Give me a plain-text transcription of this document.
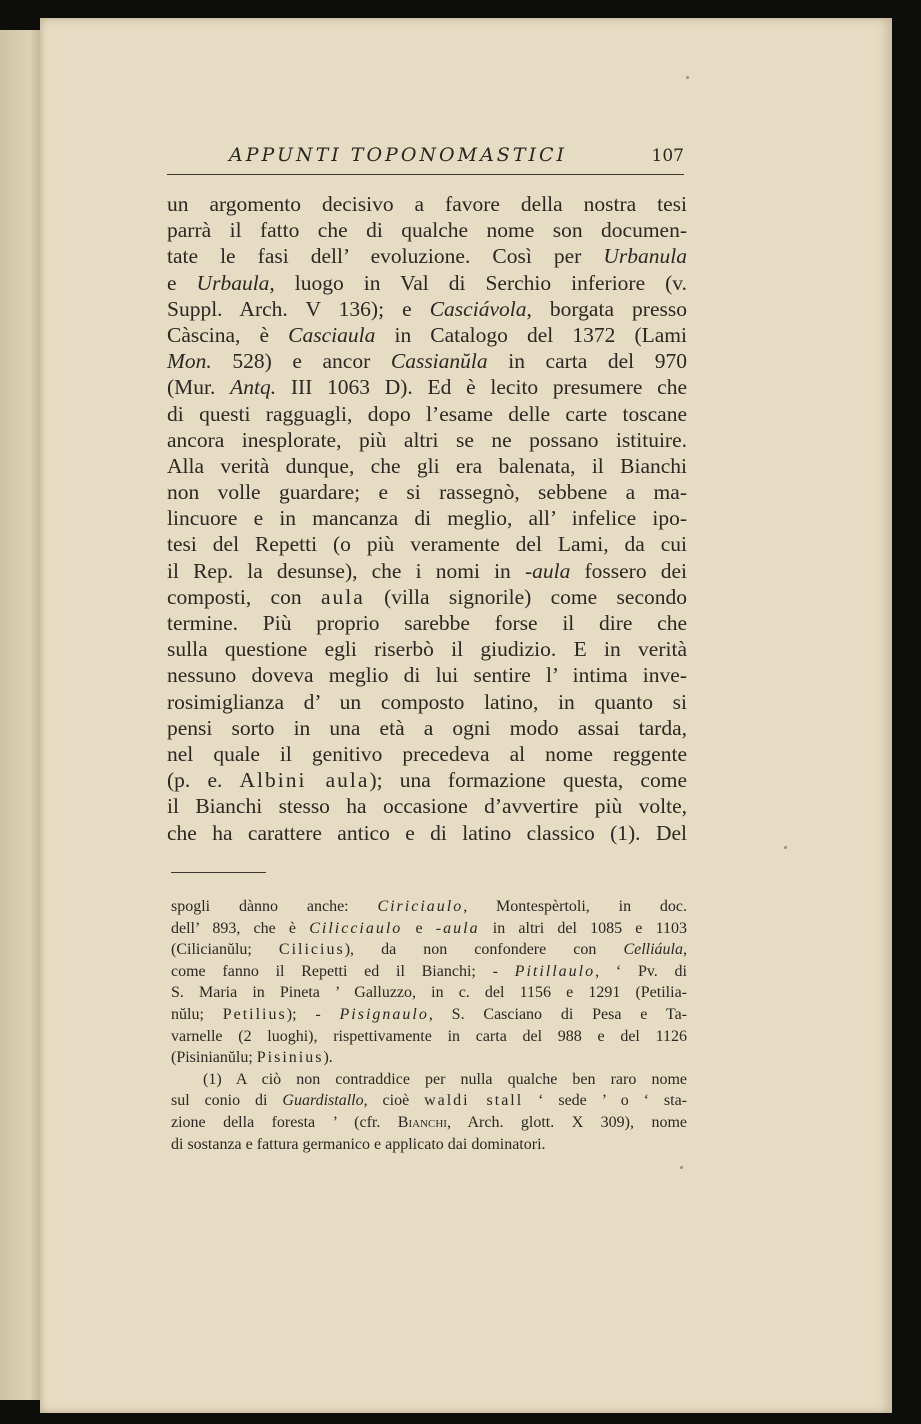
APPUNTI TOPONOMASTICI	107
un argomento decisivo a favore della nostra tesi
parrà il fatto che di qualche nome son documen-
tate le fasi dell’ evoluzione. Così per Urbanula
e Urbaula, luogo in Val di Serchio inferiore (v.
Suppl. Arch. V 136); e Casciávola, borgata presso
Càscina, è Casciaula in Catalogo del 1372 (Lami
Mon. 528) e ancor Cassianŭla in carta del 970
(Mur. Antq. III 1063 D). Ed è lecito presumere che
di questi ragguagli, dopo l’esame delle carte toscane
ancora inesplorate, più altri se ne possano istituire.
Alla verità dunque, che gli era balenata, il Bianchi
non volle guardare; e si rassegnò, sebbene a ma-
lincuore e in mancanza di meglio, all’ infelice ipo-
tesi del Repetti (o più veramente del Lami, da cui
il Rep. la desunse), che i nomi in -aula fossero dei
composti, con aula (villa signorile) come secondo
termine. Più proprio sarebbe forse il dire che
sulla questione egli riserbò il giudizio. E in verità
nessuno doveva meglio di lui sentire l’ intima inve-
rosimiglianza d’ un composto latino, in quanto si
pensi sorto in una età a ogni modo assai tarda,
nel quale il genitivo precedeva al nome reggente
(p. e. Albini aula); una formazione questa, come
il Bianchi stesso ha occasione d’avvertire più volte,
che ha carattere antico e di latino classico (1). Del
spogli dànno anche: Ciriciaulo, Montespèrtoli, in doc.
dell’ 893, che è Cilicciaulo e -aula in altri del 1085 e 1103
(Cilicianŭlu; Cilicius), da non confondere con Celliáula,
come fanno il Repetti ed il Bianchi; - Pitillaulo, ‘ Pv. di
S. Maria in Pineta ’ Galluzzo, in c. del 1156 e 1291 (Petilia-
nŭlu; Petilius); - Pisignaulo, S. Casciano di Pesa e Ta-
varnelle (2 luoghi), rispettivamente in carta del 988 e del 1126
(Pisinianŭlu; Pisinius).
(1) A ciò non contraddice per nulla qualche ben raro nome
sul conio di Guardistallo, cioè waldi stall ‘ sede ’ o ‘ sta-
zione della foresta ’ (cfr. Bianchi, Arch. glott. X 309), nome
di sostanza e fattura germanico e applicato dai dominatori.
